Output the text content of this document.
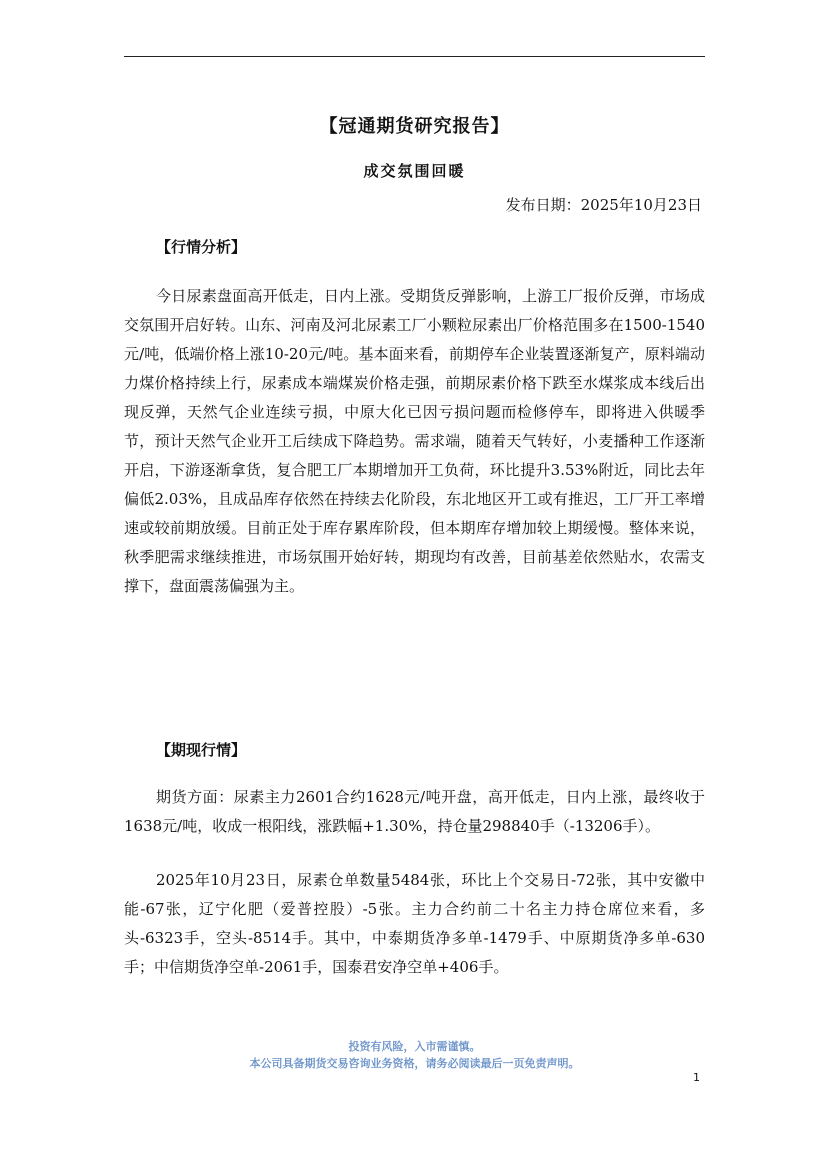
【冠通期货研究报告】
成交氛围回暖
发布日期：2025年10月23日
【行情分析】
今日尿素盘面高开低走，日内上涨。受期货反弹影响，上游工厂报价反弹，市场成交氛围开启好转。山东、河南及河北尿素工厂小颗粒尿素出厂价格范围多在1500-1540元/吨，低端价格上涨10-20元/吨。基本面来看，前期停车企业装置逐渐复产，原料端动力煤价格持续上行，尿素成本端煤炭价格走强，前期尿素价格下跌至水煤浆成本线后出现反弹，天然气企业连续亏损，中原大化已因亏损问题而检修停车，即将进入供暖季节，预计天然气企业开工后续成下降趋势。需求端，随着天气转好，小麦播种工作逐渐开启，下游逐渐拿货，复合肥工厂本期增加开工负荷，环比提升3.53%附近，同比去年偏低2.03%，且成品库存依然在持续去化阶段，东北地区开工或有推迟，工厂开工率增速或较前期放缓。目前正处于库存累库阶段，但本期库存增加较上期缓慢。整体来说，秋季肥需求继续推进，市场氛围开始好转，期现均有改善，目前基差依然贴水，农需支撑下，盘面震荡偏强为主。
【期现行情】
期货方面：尿素主力2601合约1628元/吨开盘，高开低走，日内上涨，最终收于1638元/吨，收成一根阳线，涨跌幅+1.30%，持仓量298840手（-13206手）。
2025年10月23日，尿素仓单数量5484张，环比上个交易日-72张，其中安徽中能-67张，辽宁化肥（爱普控股）-5张。主力合约前二十名主力持仓席位来看，多头-6323手，空头-8514手。其中，中泰期货净多单-1479手、中原期货净多单-630手；中信期货净空单-2061手，国泰君安净空单+406手。
投资有风险，入市需谨慎。
本公司具备期货交易咨询业务资格，请务必阅读最后一页免责声明。
1
